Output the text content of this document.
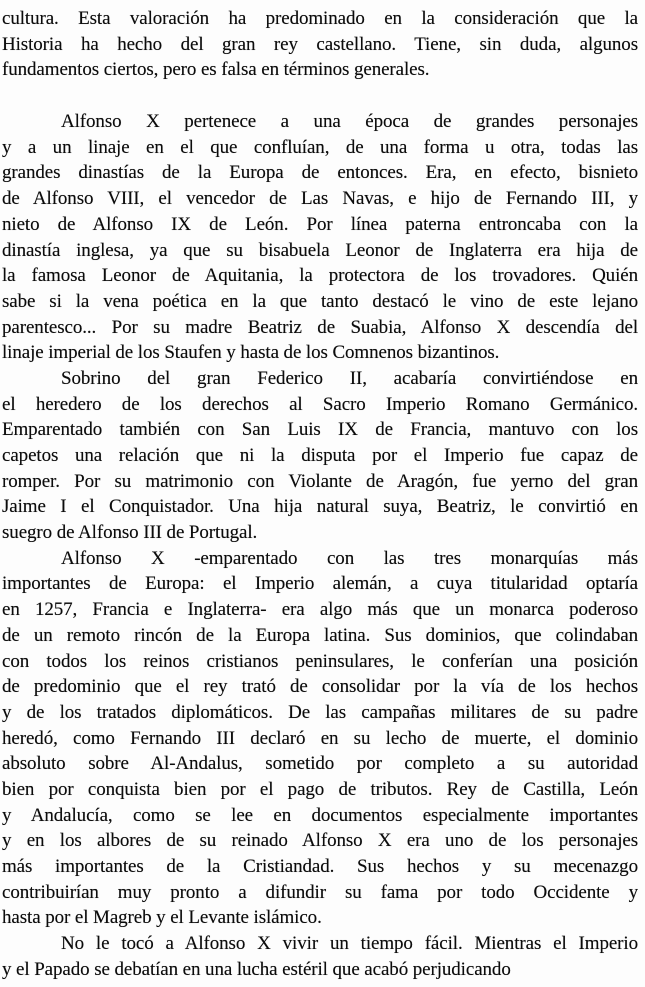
cultura. Esta valoración ha predominado en la consideración que la
Historia ha hecho del gran rey castellano. Tiene, sin duda, algunos
fundamentos ciertos, pero es falsa en términos generales.
Alfonso X pertenece a una época de grandes personajes
y a un linaje en el que confluían, de una forma u otra, todas las
grandes dinastías de la Europa de entonces. Era, en efecto, bisnieto
de Alfonso VIII, el vencedor de Las Navas, e hijo de Fernando III, y
nieto de Alfonso IX de León. Por línea paterna entroncaba con la
dinastía inglesa, ya que su bisabuela Leonor de Inglaterra era hija de
la famosa Leonor de Aquitania, la protectora de los trovadores. Quién
sabe si la vena poética en la que tanto destacó le vino de este lejano
parentesco... Por su madre Beatriz de Suabia, Alfonso X descendía del
linaje imperial de los Staufen y hasta de los Comnenos bizantinos.
Sobrino del gran Federico II, acabaría convirtiéndose en
el heredero de los derechos al Sacro Imperio Romano Germánico.
Emparentado también con San Luis IX de Francia, mantuvo con los
capetos una relación que ni la disputa por el Imperio fue capaz de
romper. Por su matrimonio con Violante de Aragón, fue yerno del gran
Jaime I el Conquistador. Una hija natural suya, Beatriz, le convirtió en
suegro de Alfonso III de Portugal.
Alfonso X -emparentado con las tres monarquías más
importantes de Europa: el Imperio alemán, a cuya titularidad optaría
en 1257, Francia e Inglaterra- era algo más que un monarca poderoso
de un remoto rincón de la Europa latina. Sus dominios, que colindaban
con todos los reinos cristianos peninsulares, le conferían una posición
de predominio que el rey trató de consolidar por la vía de los hechos
y de los tratados diplomáticos. De las campañas militares de su padre
heredó, como Fernando III declaró en su lecho de muerte, el dominio
absoluto sobre Al-Andalus, sometido por completo a su autoridad
bien por conquista bien por el pago de tributos. Rey de Castilla, León
y Andalucía, como se lee en documentos especialmente importantes
y en los albores de su reinado Alfonso X era uno de los personajes
más importantes de la Cristiandad. Sus hechos y su mecenazgo
contribuirían muy pronto a difundir su fama por todo Occidente y
hasta por el Magreb y el Levante islámico.
No le tocó a Alfonso X vivir un tiempo fácil. Mientras el Imperio
y el Papado se debatían en una lucha estéril que acabó perjudicando
